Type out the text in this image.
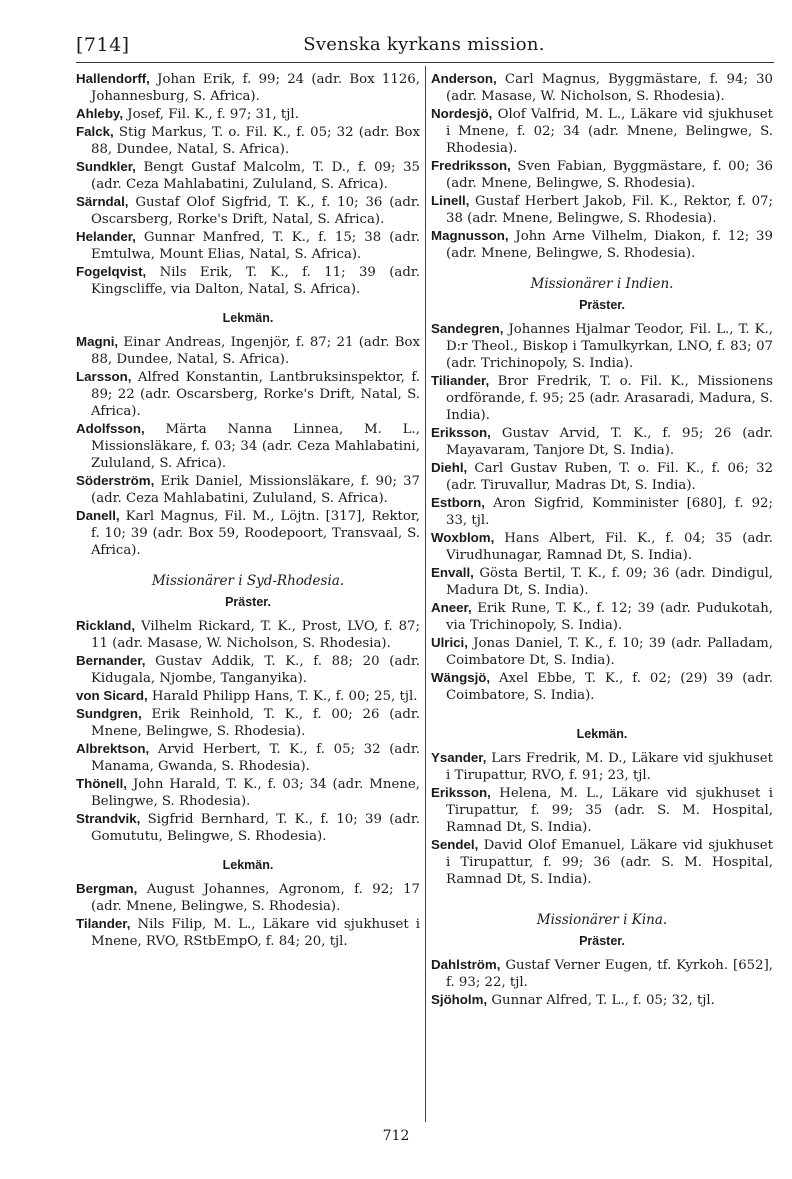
[714]	Svenska kyrkans mission.
Hallendorff, Johan Erik, f. 99; 24 (adr. Box 1126, Johannesburg, S. Africa).
Ahleby, Josef, Fil. K., f. 97; 31, tjl.
Falck, Stig Markus, T. o. Fil. K., f. 05; 32 (adr. Box 88, Dundee, Natal, S. Africa).
Sundkler, Bengt Gustaf Malcolm, T. D., f. 09; 35 (adr. Ceza Mahlabatini, Zululand, S. Africa).
Särndal, Gustaf Olof Sigfrid, T. K., f. 10; 36 (adr. Oscarsberg, Rorke's Drift, Natal, S. Africa).
Helander, Gunnar Manfred, T. K., f. 15; 38 (adr. Emtulwa, Mount Elias, Natal, S. Africa).
Fogelqvist, Nils Erik, T. K., f. 11; 39 (adr. Kingscliffe, via Dalton, Natal, S. Africa).
Lekmän.
Magni, Einar Andreas, Ingenjör, f. 87; 21 (adr. Box 88, Dundee, Natal, S. Africa).
Larsson, Alfred Konstantin, Lantbruksinspektor, f. 89; 22 (adr. Oscarsberg, Rorke's Drift, Natal, S. Africa).
Adolfsson, Märta Nanna Linnea, M. L., Missionsläkare, f. 03; 34 (adr. Ceza Mahlabatini, Zululand, S. Africa).
Söderström, Erik Daniel, Missionsläkare, f. 90; 37 (adr. Ceza Mahlabatini, Zululand, S. Africa).
Danell, Karl Magnus, Fil. M., Löjtn. [317], Rektor, f. 10; 39 (adr. Box 59, Roodepoort, Transvaal, S. Africa).
Missionärer i Syd-Rhodesia.
Präster.
Rickland, Vilhelm Rickard, T. K., Prost, LVO, f. 87; 11 (adr. Masase, W. Nicholson, S. Rhodesia).
Bernander, Gustav Addik, T. K., f. 88; 20 (adr. Kidugala, Njombe, Tanganyika).
von Sicard, Harald Philipp Hans, T. K., f. 00; 25, tjl.
Sundgren, Erik Reinhold, T. K., f. 00; 26 (adr. Mnene, Belingwe, S. Rhodesia).
Albrektson, Arvid Herbert, T. K., f. 05; 32 (adr. Manama, Gwanda, S. Rhodesia).
Thönell, John Harald, T. K., f. 03; 34 (adr. Mnene, Belingwe, S. Rhodesia).
Strandvik, Sigfrid Bernhard, T. K., f. 10; 39 (adr. Gomututu, Belingwe, S. Rhodesia).
Lekmän.
Bergman, August Johannes, Agronom, f. 92; 17 (adr. Mnene, Belingwe, S. Rhodesia).
Tilander, Nils Filip, M. L., Läkare vid sjukhuset i Mnene, RVO, RStbEmpO, f. 84; 20, tjl.
Anderson, Carl Magnus, Byggmästare, f. 94; 30 (adr. Masase, W. Nicholson, S. Rhodesia).
Nordesjö, Olof Valfrid, M. L., Läkare vid sjukhuset i Mnene, f. 02; 34 (adr. Mnene, Belingwe, S. Rhodesia).
Fredriksson, Sven Fabian, Byggmästare, f. 00; 36 (adr. Mnene, Belingwe, S. Rhodesia).
Linell, Gustaf Herbert Jakob, Fil. K., Rektor, f. 07; 38 (adr. Mnene, Belingwe, S. Rhodesia).
Magnusson, John Arne Vilhelm, Diakon, f. 12; 39 (adr. Mnene, Belingwe, S. Rhodesia).
Missionärer i Indien.
Präster.
Sandegren, Johannes Hjalmar Teodor, Fil. L., T. K., D:r Theol., Biskop i Tamulkyrkan, LNO, f. 83; 07 (adr. Trichinopoly, S. India).
Tiliander, Bror Fredrik, T. o. Fil. K., Missionens ordförande, f. 95; 25 (adr. Arasaradi, Madura, S. India).
Eriksson, Gustav Arvid, T. K., f. 95; 26 (adr. Mayavaram, Tanjore Dt, S. India).
Diehl, Carl Gustav Ruben, T. o. Fil. K., f. 06; 32 (adr. Tiruvallur, Madras Dt, S. India).
Estborn, Aron Sigfrid, Komminister [680], f. 92; 33, tjl.
Woxblom, Hans Albert, Fil. K., f. 04; 35 (adr. Virudhunagar, Ramnad Dt, S. India).
Envall, Gösta Bertil, T. K., f. 09; 36 (adr. Dindigul, Madura Dt, S. India).
Aneer, Erik Rune, T. K., f. 12; 39 (adr. Pudukotah, via Trichinopoly, S. India).
Ulrici, Jonas Daniel, T. K., f. 10; 39 (adr. Palladam, Coimbatore Dt, S. India).
Wängsjö, Axel Ebbe, T. K., f. 02; (29) 39 (adr. Coimbatore, S. India).
Lekmän.
Ysander, Lars Fredrik, M. D., Läkare vid sjukhuset i Tirupattur, RVO, f. 91; 23, tjl.
Eriksson, Helena, M. L., Läkare vid sjukhuset i Tirupattur, f. 99; 35 (adr. S. M. Hospital, Ramnad Dt, S. India).
Sendel, David Olof Emanuel, Läkare vid sjukhuset i Tirupattur, f. 99; 36 (adr. S. M. Hospital, Ramnad Dt, S. India).
Missionärer i Kina.
Präster.
Dahlström, Gustaf Verner Eugen, tf. Kyrkoh. [652], f. 93; 22, tjl.
Sjöholm, Gunnar Alfred, T. L., f. 05; 32, tjl.
712
